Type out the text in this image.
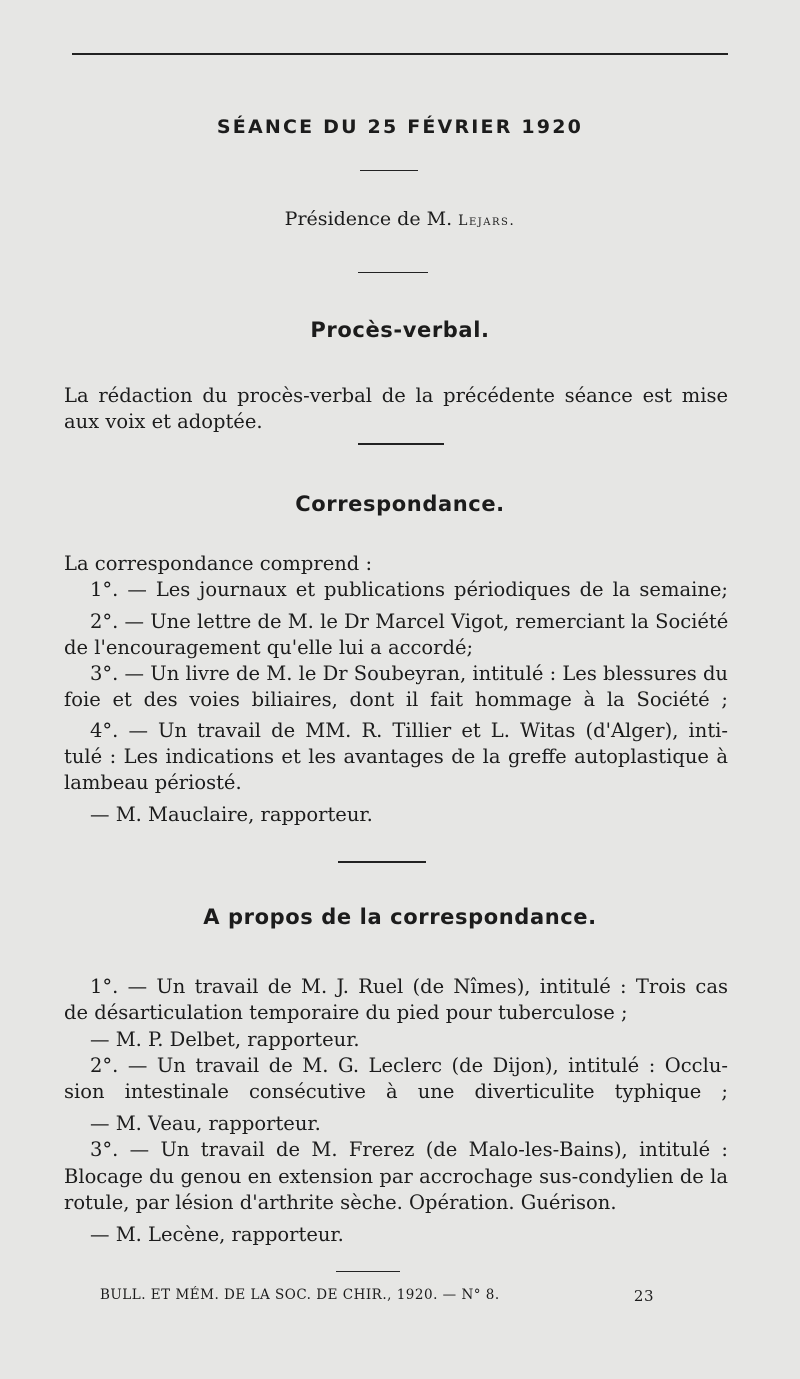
SÉANCE DU 25 FÉVRIER 1920
Présidence de M. Lejars.
Procès-verbal.
La rédaction du procès-verbal de la précédente séance est mise
aux voix et adoptée.
Correspondance.
La correspondance comprend :
1°. — Les journaux et publications périodiques de la semaine;
2°. — Une lettre de M. le Dr Marcel Vigot, remerciant la Société
de l'encouragement qu'elle lui a accordé;
3°. — Un livre de M. le Dr Soubeyran, intitulé : Les blessures du
foie et des voies biliaires, dont il fait hommage à la Société ;
4°. — Un travail de MM. R. Tillier et L. Witas (d'Alger), inti-
tulé : Les indications et les avantages de la greffe autoplastique à
lambeau périosté.
— M. Mauclaire, rapporteur.
A propos de la correspondance.
1°. — Un travail de M. J. Ruel (de Nîmes), intitulé : Trois cas
de désarticulation temporaire du pied pour tuberculose ;
— M. P. Delbet, rapporteur.
2°. — Un travail de M. G. Leclerc (de Dijon), intitulé : Occlu-
sion intestinale consécutive à une diverticulite typhique ;
— M. Veau, rapporteur.
3°. — Un travail de M. Frerez (de Malo-les-Bains), intitulé :
Blocage du genou en extension par accrochage sus-condylien de la
rotule, par lésion d'arthrite sèche. Opération. Guérison.
— M. Lecène, rapporteur.
BULL. ET MÉM. DE LA SOC. DE CHIR., 1920. — N° 8.	23
